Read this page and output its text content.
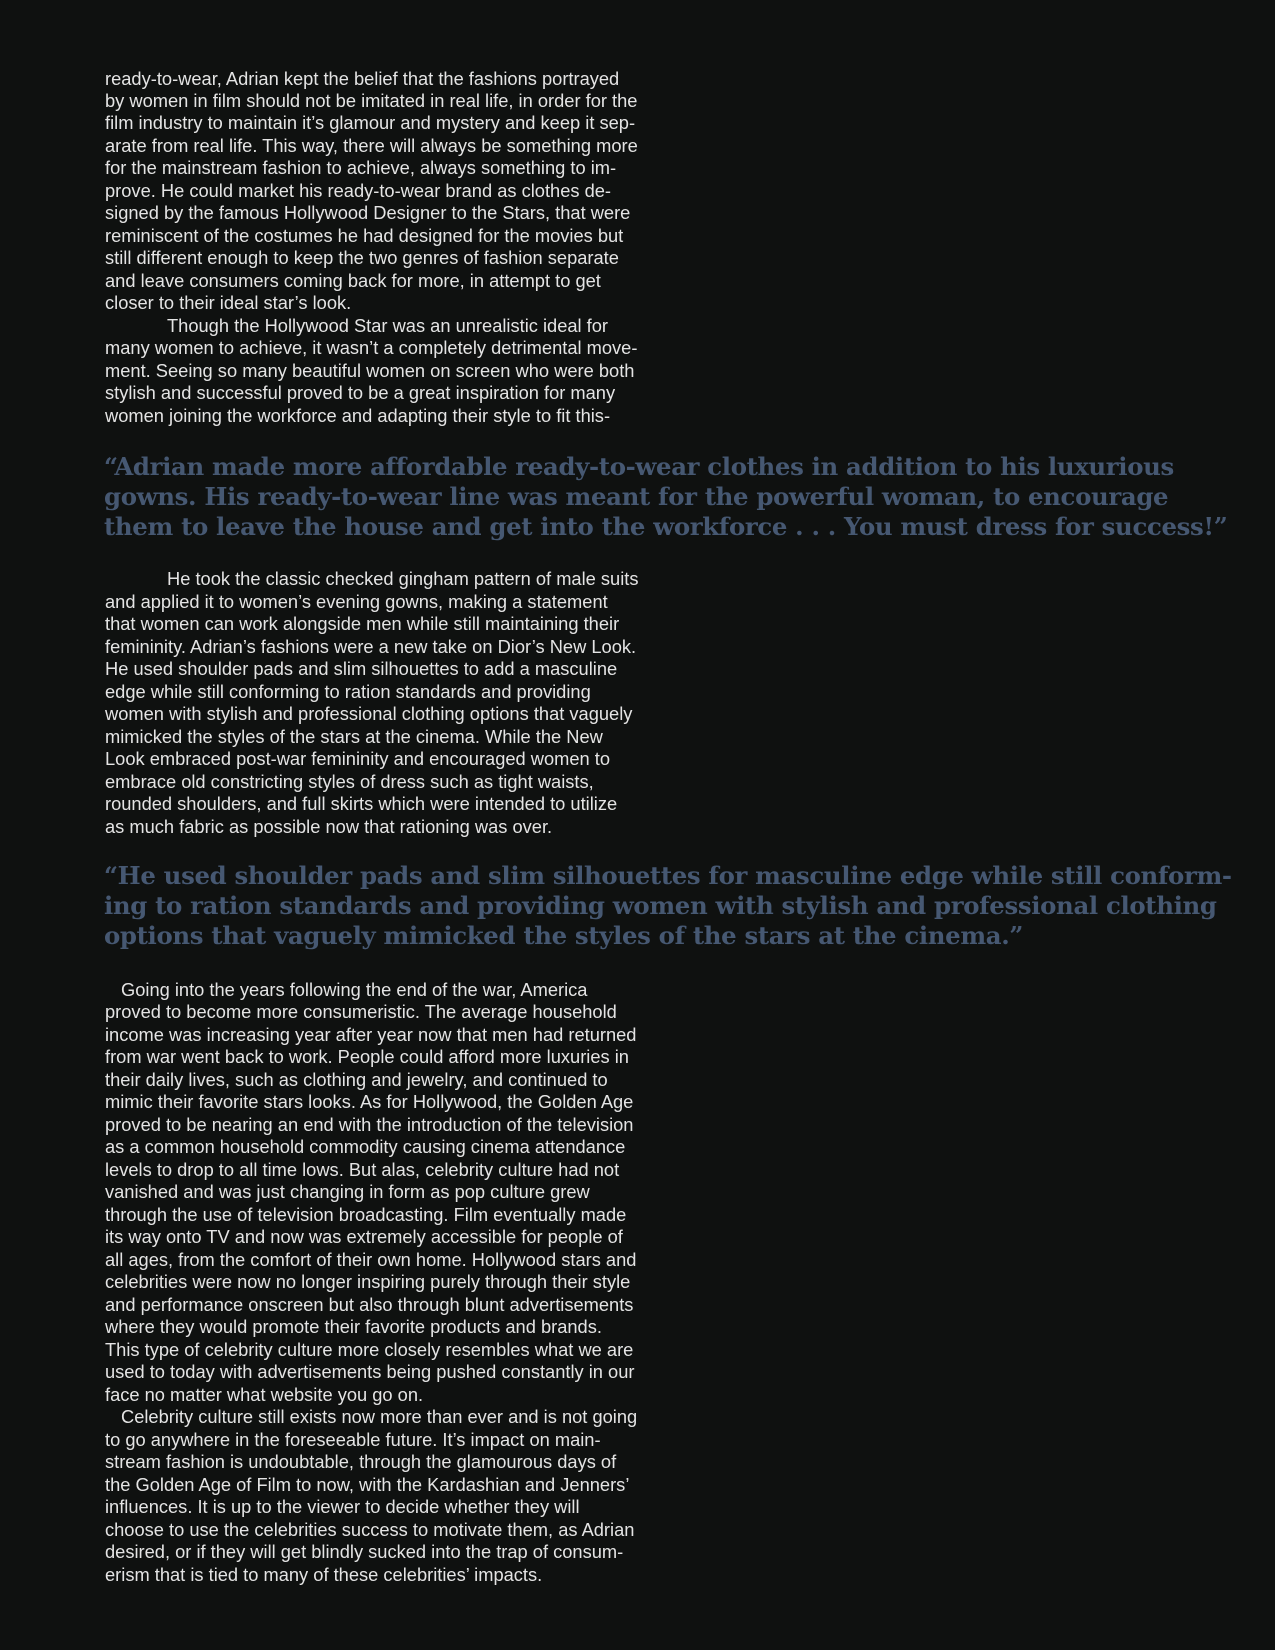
ready-to-wear, Adrian kept the belief that the fashions portrayed
by women in film should not be imitated in real life, in order for the
film industry to maintain it’s glamour and mystery and keep it sep-
arate from real life. This way, there will always be something more
for the mainstream fashion to achieve, always something to im-
prove. He could market his ready-to-wear brand as clothes de-
signed by the famous Hollywood Designer to the Stars, that were
reminiscent of the costumes he had designed for the movies but
still different enough to keep the two genres of fashion separate
and leave consumers coming back for more, in attempt to get
closer to their ideal star’s look.
Though the Hollywood Star was an unrealistic ideal for
many women to achieve, it wasn’t a completely detrimental move-
ment. Seeing so many beautiful women on screen who were both
stylish and successful proved to be a great inspiration for many
women joining the workforce and adapting their style to fit this-
“Adrian made more affordable ready-to-wear clothes in addition to his luxurious
gowns. His ready-to-wear line was meant for the powerful woman, to encourage
them to leave the house and get into the workforce . . . You must dress for success!”
He took the classic checked gingham pattern of male suits
and applied it to women’s evening gowns, making a statement
that women can work alongside men while still maintaining their
femininity. Adrian’s fashions were a new take on Dior’s New Look.
He used shoulder pads and slim silhouettes to add a masculine
edge while still conforming to ration standards and providing
women with stylish and professional clothing options that vaguely
mimicked the styles of the stars at the cinema. While the New
Look embraced post-war femininity and encouraged women to
embrace old constricting styles of dress such as tight waists,
rounded shoulders, and full skirts which were intended to utilize
as much fabric as possible now that rationing was over.
“He used shoulder pads and slim silhouettes for masculine edge while still conform-
ing to ration standards and providing women with stylish and professional clothing
options that vaguely mimicked the styles of the stars at the cinema.”
Going into the years following the end of the war, America
proved to become more consumeristic. The average household
income was increasing year after year now that men had returned
from war went back to work. People could afford more luxuries in
their daily lives, such as clothing and jewelry, and continued to
mimic their favorite stars looks. As for Hollywood, the Golden Age
proved to be nearing an end with the introduction of the television
as a common household commodity causing cinema attendance
levels to drop to all time lows. But alas, celebrity culture had not
vanished and was just changing in form as pop culture grew
through the use of television broadcasting. Film eventually made
its way onto TV and now was extremely accessible for people of
all ages, from the comfort of their own home. Hollywood stars and
celebrities were now no longer inspiring purely through their style
and performance onscreen but also through blunt advertisements
where they would promote their favorite products and brands.
This type of celebrity culture more closely resembles what we are
used to today with advertisements being pushed constantly in our
face no matter what website you go on.
Celebrity culture still exists now more than ever and is not going
to go anywhere in the foreseeable future. It’s impact on main-
stream fashion is undoubtable, through the glamourous days of
the Golden Age of Film to now, with the Kardashian and Jenners’
influences. It is up to the viewer to decide whether they will
choose to use the celebrities success to motivate them, as Adrian
desired, or if they will get blindly sucked into the trap of consum-
erism that is tied to many of these celebrities’ impacts.
